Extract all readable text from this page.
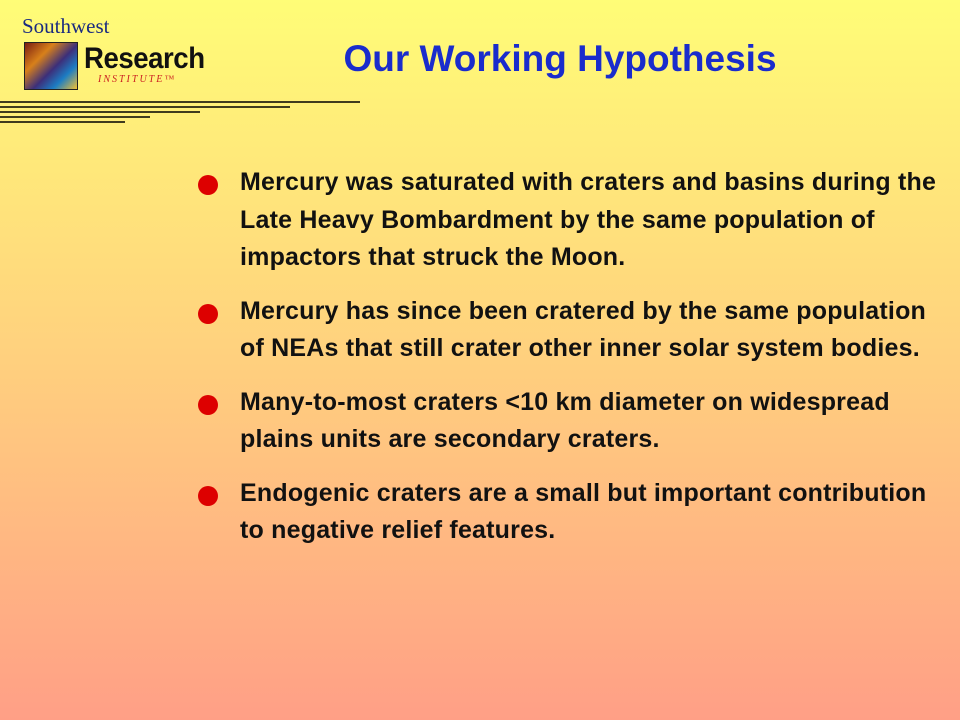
Southwest
Research
INSTITUTE™
Our Working Hypothesis
Mercury was saturated with craters and basins during the Late Heavy Bombardment by the same population of impactors that struck the Moon.
Mercury has since been cratered by the same population of NEAs that still crater other inner solar system bodies.
Many-to-most craters <10 km diameter on widespread plains units are secondary craters.
Endogenic craters are a small but important contribution to negative relief features.
